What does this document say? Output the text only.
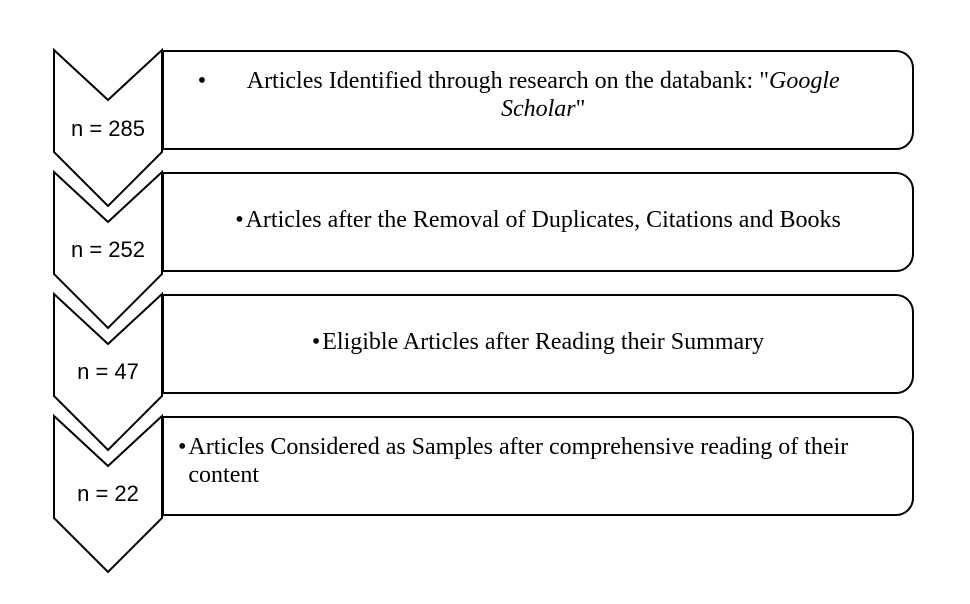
n = 285
n = 252
n = 47
n = 22
•	Articles Identified through research on the databank: "Google Scholar"
• Articles after the Removal of Duplicates, Citations and Books
• Eligible Articles after Reading their Summary
• Articles Considered as Samples after comprehensive reading of their content
